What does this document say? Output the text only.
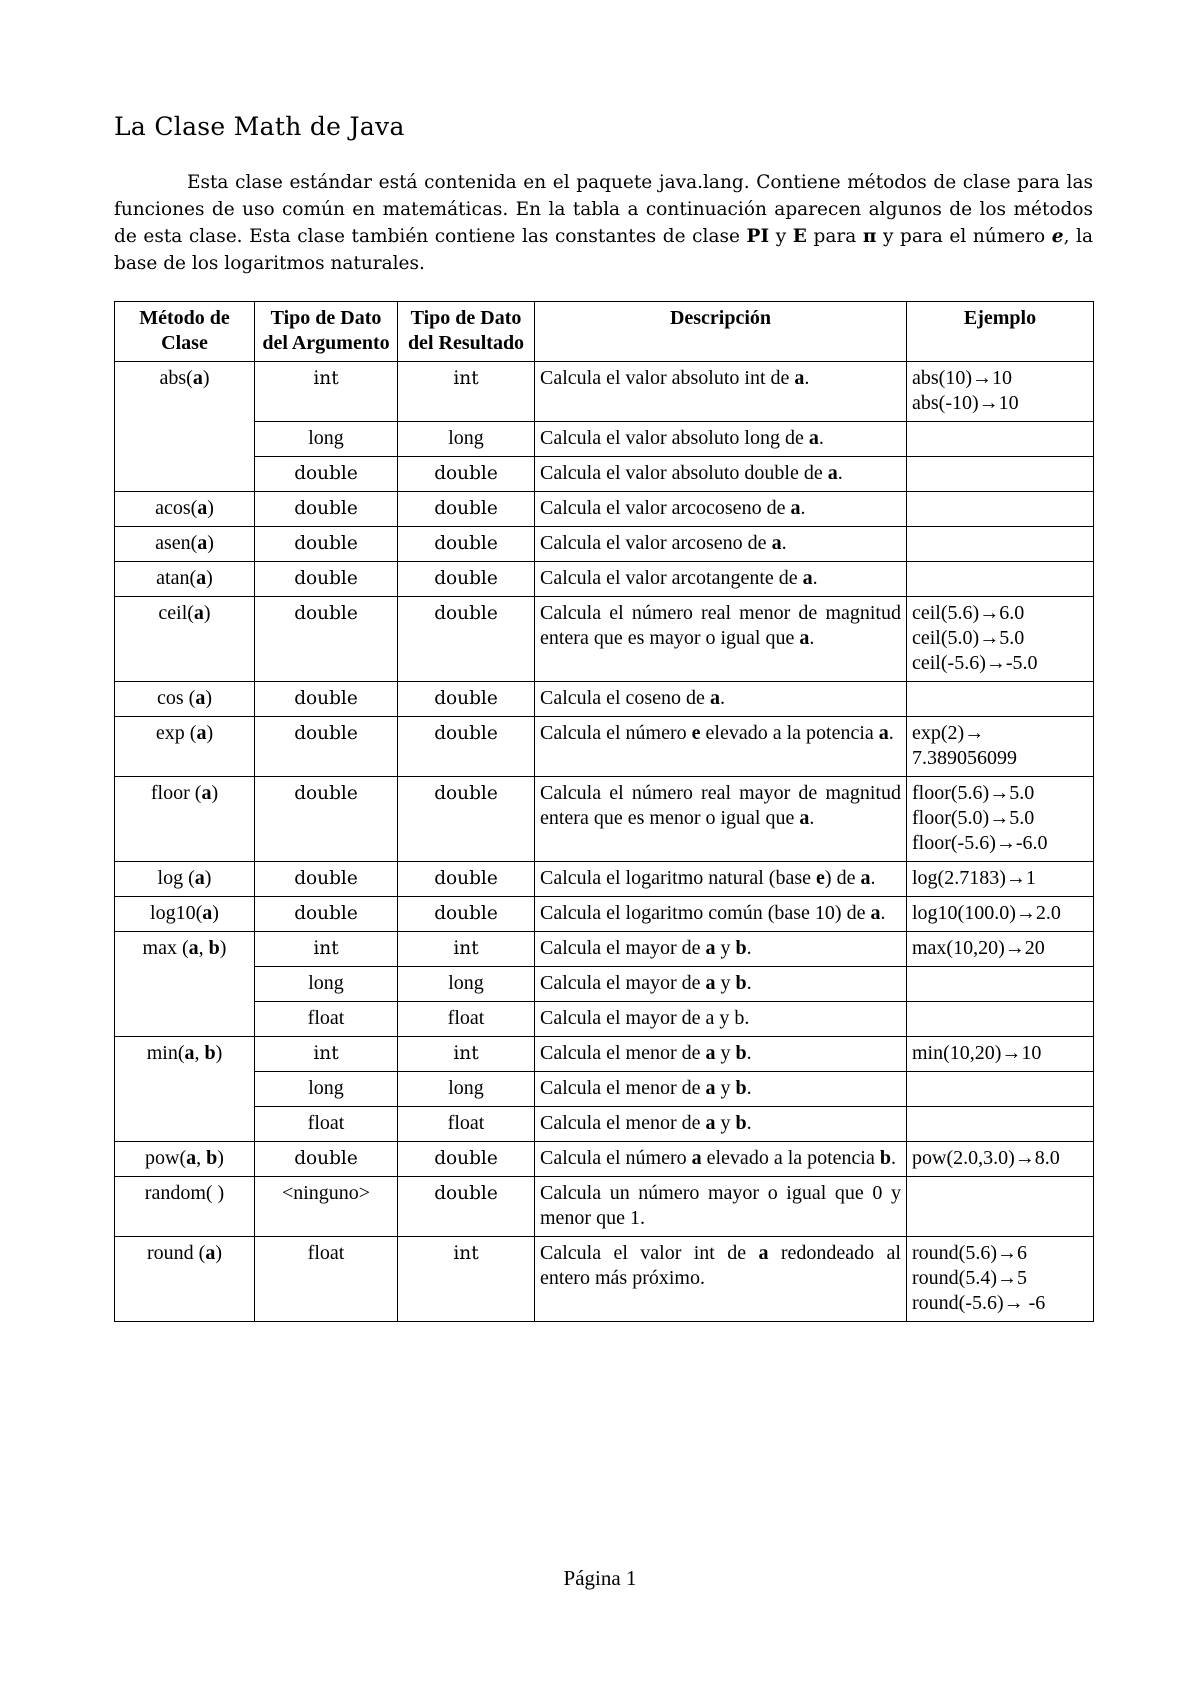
La Clase Math de Java

Esta clase estándar está contenida en el paquete java.lang. Contiene métodos de clase para las funciones de uso común en matemáticas. En la tabla a continuación aparecen algunos de los métodos de esta clase. Esta clase también contiene las constantes de clase PI y E para π y para el número e, la base de los logaritmos naturales.

Método de Clase	Tipo de Dato del Argumento	Tipo de Dato del Resultado	Descripción	Ejemplo
abs(a)	int	int	Calcula el valor absoluto int de a.	abs(10)→10
abs(-10)→10
	long	long	Calcula el valor absoluto long de a.	
	double	double	Calcula el valor absoluto double de a.	
acos(a)	double	double	Calcula el valor arcocoseno de a.	
asen(a)	double	double	Calcula el valor arcoseno de a.	
atan(a)	double	double	Calcula el valor arcotangente de a.	
ceil(a)	double	double	Calcula el número real menor de magnitud entera que es mayor o igual que a.	ceil(5.6)→6.0
ceil(5.0)→5.0
ceil(-5.6)→-5.0
cos (a)	double	double	Calcula el coseno de a.	
exp (a)	double	double	Calcula el número e elevado a la potencia a.	exp(2)→
7.389056099
floor (a)	double	double	Calcula el número real mayor de magnitud entera que es menor o igual que a.	floor(5.6)→5.0
floor(5.0)→5.0
floor(-5.6)→-6.0
log (a)	double	double	Calcula el logaritmo natural (base e) de a.	log(2.7183)→1
log10(a)	double	double	Calcula el logaritmo común (base 10) de a.	log10(100.0)→2.0
max (a, b)	int	int	Calcula el mayor de a y b.	max(10,20)→20
	long	long	Calcula el mayor de a y b.	
	float	float	Calcula el mayor de a y b.	
min(a, b)	int	int	Calcula el menor de a y b.	min(10,20)→10
	long	long	Calcula el menor de a y b.	
	float	float	Calcula el menor de a y b.	
pow(a, b)	double	double	Calcula el número a elevado a la potencia b.	pow(2.0,3.0)→8.0
random( )	<ninguno>	double	Calcula un número mayor o igual que 0 y menor que 1.	
round (a)	float	int	Calcula el valor int de a redondeado al entero más próximo.	round(5.6)→6
round(5.4)→5
round(-5.6)→ -6
Página 1
